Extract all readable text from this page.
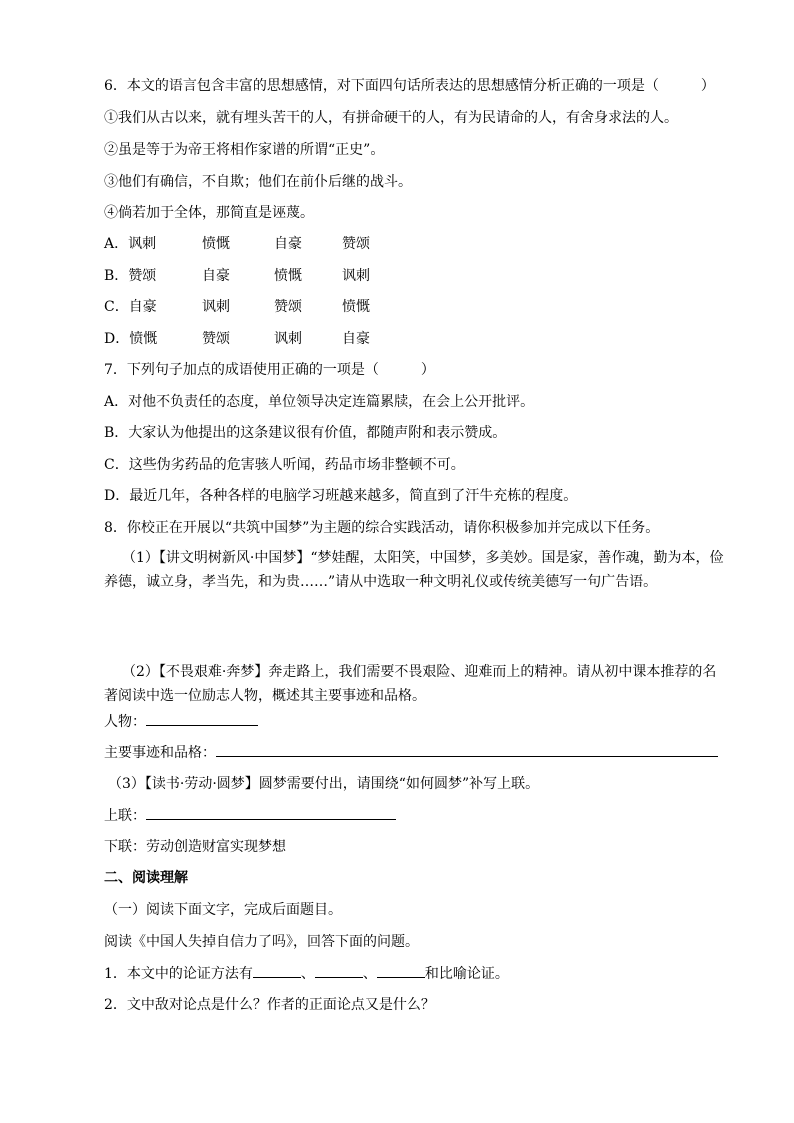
6．本文的语言包含丰富的思想感情，对下面四句话所表达的思想感情分析正确的一项是（　　　）
①我们从古以来，就有埋头苦干的人，有拼命硬干的人，有为民请命的人，有舍身求法的人。
②虽是等于为帝王将相作家谱的所谓“正史”。
③他们有确信，不自欺；他们在前仆后继的战斗。
④倘若加于全体，那简直是诬蔑。
A．讽刺	愤慨	自豪	赞颂
B．赞颂	自豪	愤慨	讽刺
C．自豪	讽刺	赞颂	愤慨
D．愤慨	赞颂	讽刺	自豪
7．下列句子加点的成语使用正确的一项是（　　　）
A．对他不负责任的态度，单位领导决定连篇累牍，在会上公开批评。
B．大家认为他提出的这条建议很有价值，都随声附和表示赞成。
C．这些伪劣药品的危害骇人听闻，药品市场非整顿不可。
D．最近几年，各种各样的电脑学习班越来越多，简直到了汗牛充栋的程度。
8．你校正在开展以“共筑中国梦”为主题的综合实践活动，请你积极参加并完成以下任务。
（1）【讲文明树新风·中国梦】“梦娃醒，太阳笑，中国梦，多美妙。国是家，善作魂，勤为本，俭养德，诚立身，孝当先，和为贵……”请从中选取一种文明礼仪或传统美德写一句广告语。
（2）【不畏艰难·奔梦】奔走路上，我们需要不畏艰险、迎难而上的精神。请从初中课本推荐的名著阅读中选一位励志人物，概述其主要事迹和品格。
人物：
主要事迹和品格：
（3）【读书·劳动·圆梦】圆梦需要付出，请围绕“如何圆梦”补写上联。
上联：
下联：劳动创造财富实现梦想
二、阅读理解
（一）阅读下面文字，完成后面题目。
阅读《中国人失掉自信力了吗》，回答下面的问题。
1．本文中的论证方法有	、	、	和比喻论证。
2．文中敌对论点是什么？作者的正面论点又是什么？
